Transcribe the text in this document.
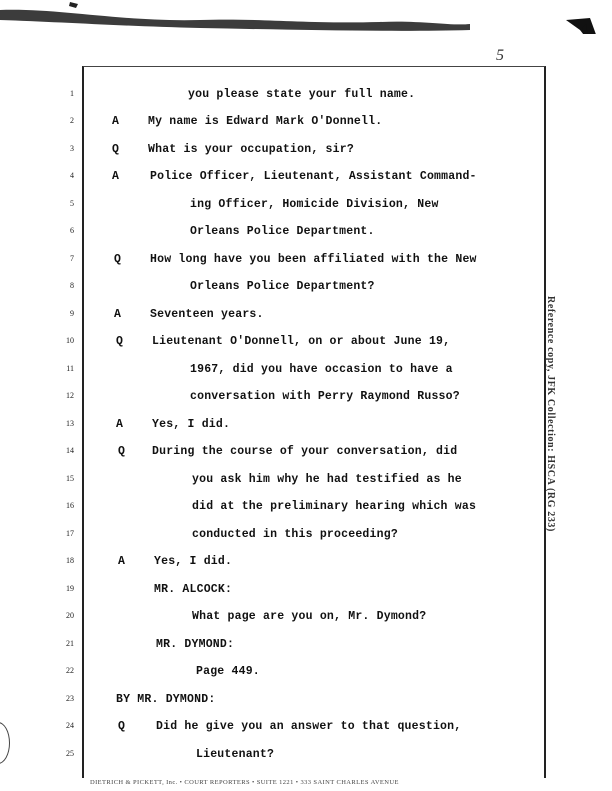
5
1
2
3
4
5
6
7
8
9
10
11
12
13
14
15
16
17
18
19
20
21
22
23
24
25
you please state your full name.
A	My name is Edward Mark O'Donnell.
Q	What is your occupation, sir?
A	Police Officer, Lieutenant, Assistant Command-
ing Officer, Homicide Division, New
Orleans Police Department.
Q	How long have you been affiliated with the New
Orleans Police Department?
A	Seventeen years.
Q	Lieutenant O'Donnell, on or about June 19,
1967, did you have occasion to have a
conversation with Perry Raymond Russo?
A	Yes, I did.
Q During the course of your conversation, did
you ask him why he had testified as he
did at the preliminary hearing which was
conducted in this proceeding?
A	Yes, I did.
MR. ALCOCK:
What page are you on, Mr. Dymond?
MR. DYMOND:
Page 449.
BY MR. DYMOND:
Q	Did he give you an answer to that question,
Lieutenant?
Reference copy, JFK Collection: HSCA (RG 233)
DIETRICH & PICKETT, Inc. • COURT REPORTERS • SUITE 1221 • 333 SAINT CHARLES AVENUE
